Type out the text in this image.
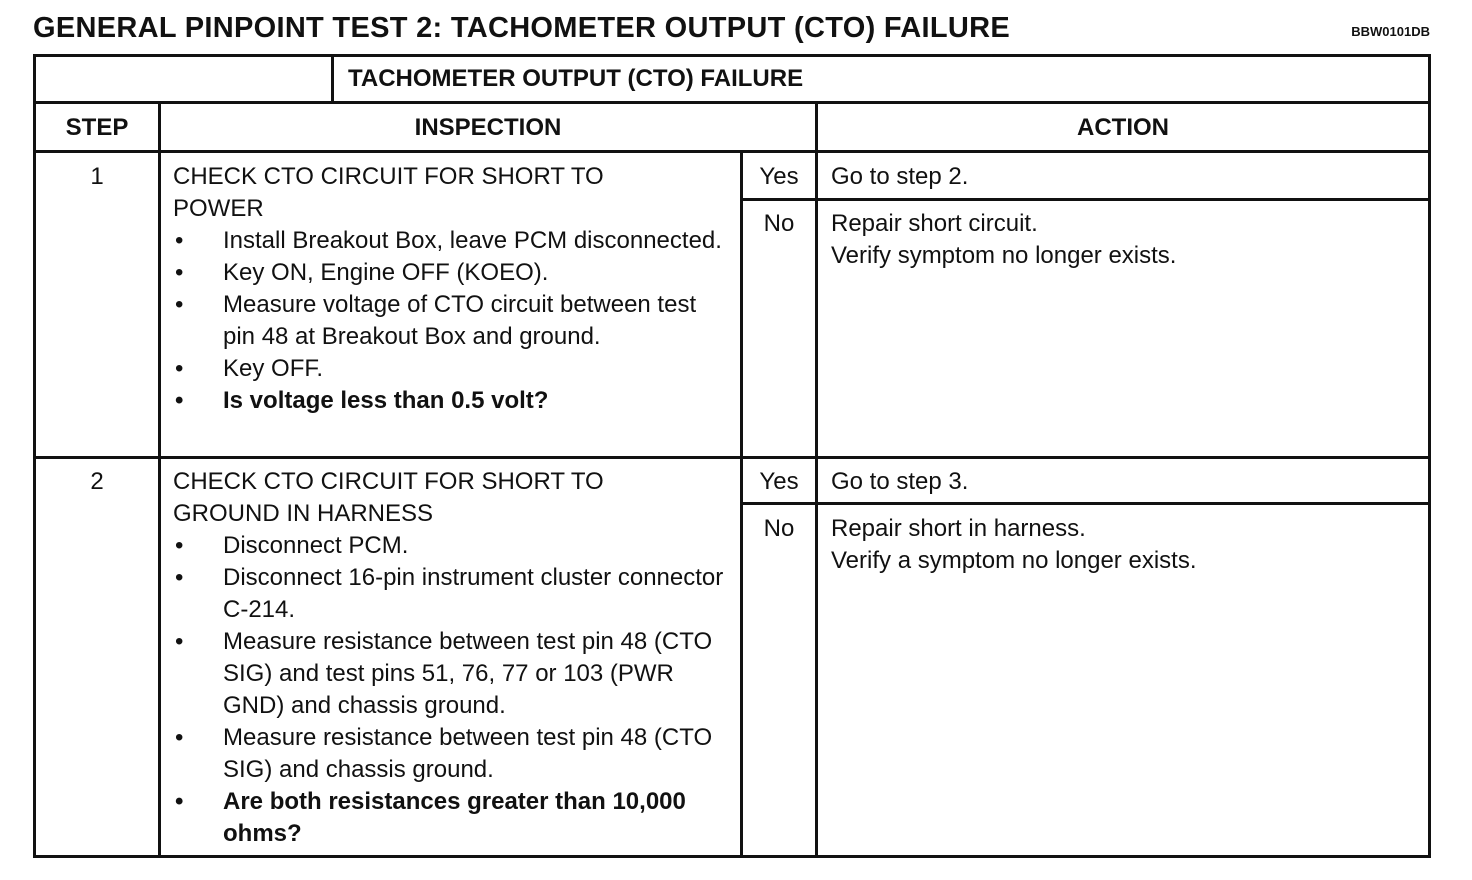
GENERAL PINPOINT TEST 2: TACHOMETER OUTPUT (CTO) FAILURE	BBW0101DB
TACHOMETER OUTPUT (CTO) FAILURE
STEP	INSPECTION	ACTION
1	CHECK CTO CIRCUIT FOR SHORT TO
POWER
• Install Breakout Box, leave PCM disconnected.
• Key ON, Engine OFF (KOEO).
• Measure voltage of CTO circuit between test pin 48 at Breakout Box and ground.
• Key OFF.
• Is voltage less than 0.5 volt?
Yes	Go to step 2.
No	Repair short circuit.
Verify symptom no longer exists.
2	CHECK CTO CIRCUIT FOR SHORT TO
GROUND IN HARNESS
• Disconnect PCM.
• Disconnect 16-pin instrument cluster connector C-214.
• Measure resistance between test pin 48 (CTO SIG) and test pins 51, 76, 77 or 103 (PWR GND) and chassis ground.
• Measure resistance between test pin 48 (CTO SIG) and chassis ground.
• Are both resistances greater than 10,000 ohms?
Yes	Go to step 3.
No	Repair short in harness.
Verify a symptom no longer exists.
